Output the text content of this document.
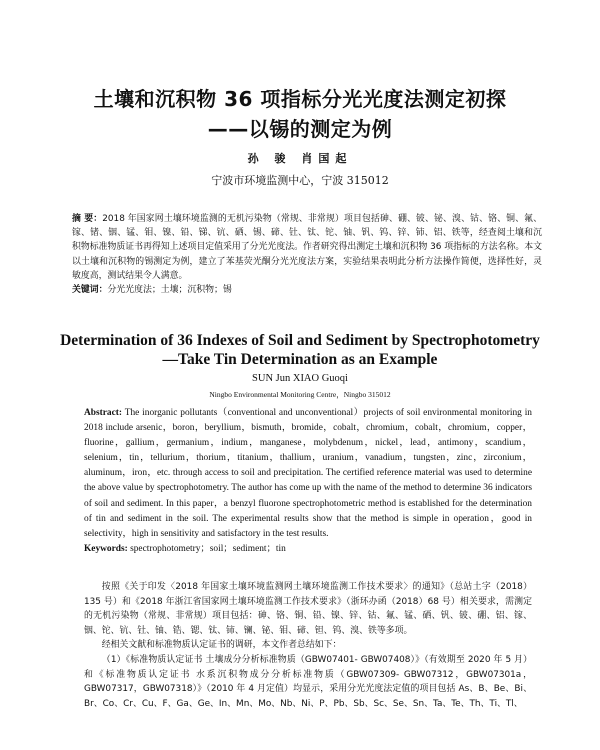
土壤和沉积物 36 项指标分光光度法测定初探
——以锡的测定为例
孙 骏 肖国起
宁波市环境监测中心，宁波 315012
摘 要：2018 年国家网土壤环境监测的无机污染物（常规、非常规）项目包括砷、硼、铍、铋、溴、钴、铬、铜、氟、镓、锗、铟、锰、钼、镍、铅、锑、钪、硒、锡、碲、钍、钛、铊、铀、钒、钨、锌、铈、铝、铁等，经查阅土壤和沉积物标准物质证书再得知上述项目定值采用了分光光度法。作者研究得出测定土壤和沉积物 36 项指标的方法名称。本文以土壤和沉积物的锡测定为例，建立了苯基荧光酮分光光度法方案，实验结果表明此分析方法操作简便，选择性好，灵敏度高，测试结果令人满意。
关键词：分光光度法；土壤；沉积物；锡
Determination of 36 Indexes of Soil and Sediment by Spectrophotometry
—Take Tin Determination as an Example
SUN Jun XIAO Guoqi
Ningbo Environmental Monitoring Centre，Ningbo 315012
Abstract: The inorganic pollutants（conventional and unconventional）projects of soil environmental monitoring in 2018 include arsenic，boron，beryllium，bismuth，bromide，cobalt，chromium，cobalt，chromium，copper，fluorine，gallium，germanium，indium，manganese，molybdenum，nickel，lead，antimony，scandium，selenium，tin，tellurium，thorium，titanium，thallium，uranium，vanadium，tungsten，zinc，zirconium，aluminum，iron，etc. through access to soil and precipitation. The certified reference material was used to determine the above value by spectrophotometry. The author has come up with the name of the method to determine 36 indicators of soil and sediment. In this paper，a benzyl fluorone spectrophotometric method is established for the determination of tin and sediment in the soil. The experimental results show that the method is simple in operation，good in selectivity，high in sensitivity and satisfactory in the test results.
Keywords: spectrophotometry；soil；sediment；tin

按照《关于印发〈2018 年国家土壤环境监测网土壤环境监测工作技术要求〉的通知》（总站土字（2018）135 号）和《2018 年浙江省国家网土壤环境监测工作技术要求》（浙环办函（2018）68 号）相关要求，需测定的无机污染物（常规、非常规）项目包括：砷、铬、铜、铅、镍、锌、钴、氟、锰、硒、钒、铍、硼、铝、镓、铟、铊、钪、钍、铀、锆、锶、钛、铈、镧、铋、钼、碲、钽、钨、溴、铁等多项。

经相关文献和标准物质认定证书的调研，本文作者总结如下：

（1）《标准物质认定证书 土壤成分分析标准物质（GBW07401- GBW07408）》（有效期至 2020 年 5 月）和《标准物质认定证书 水系沉积物成分分析标准物质（GBW07309- GBW07312，GBW07301a，GBW07317，GBW07318）》（2010 年 4 月定值）均显示，采用分光光度法定值的项目包括 As、B、Be、Bi、Br、Co、Cr、Cu、F、Ga、Ge、In、Mn、Mo、Nb、Ni、P、Pb、Sb、Sc、Se、Sn、Ta、Te、Th、Ti、Tl、
